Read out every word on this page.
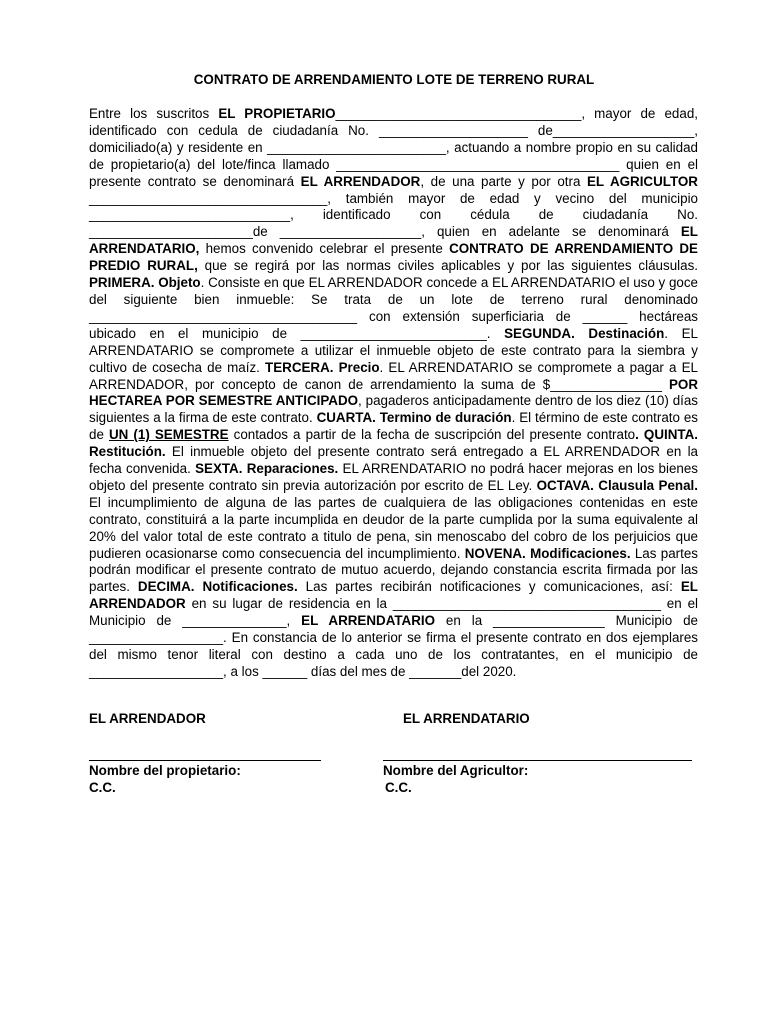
CONTRATO DE ARRENDAMIENTO LOTE DE TERRENO RURAL

Entre los suscritos EL PROPIETARIO_________________________________, mayor de edad, identificado con cedula de ciudadanía No. ____________________ de___________________, domiciliado(a) y residente en ________________________, actuando a nombre propio en su calidad de propietario(a) del lote/finca llamado ______________________________________ quien en el presente contrato se denominará EL ARRENDADOR, de una parte y por otra EL AGRICULTOR ________________________________, también mayor de edad y vecino del municipio ___________________________, identificado con cédula de ciudadanía No. ______________________de ___________________, quien en adelante se denominará EL ARRENDATARIO, hemos convenido celebrar el presente CONTRATO DE ARRENDAMIENTO DE PREDIO RURAL, que se regirá por las normas civiles aplicables y por las siguientes cláusulas. PRIMERA. Objeto. Consiste en que EL ARRENDADOR concede a EL ARRENDATARIO el uso y goce del siguiente bien inmueble: Se trata de un lote de terreno rural denominado ____________________________________ con extensión superficiaria de ______ hectáreas ubicado en el municipio de _________________________. SEGUNDA. Destinación. EL ARRENDATARIO se compromete a utilizar el inmueble objeto de este contrato para la siembra y cultivo de cosecha de maíz. TERCERA. Precio. EL ARRENDATARIO se compromete a pagar a EL ARRENDADOR, por concepto de canon de arrendamiento la suma de $_______________ POR HECTAREA POR SEMESTRE ANTICIPADO, pagaderos anticipadamente dentro de los diez (10) días siguientes a la firma de este contrato. CUARTA. Termino de duración. El término de este contrato es de UN (1) SEMESTRE contados a partir de la fecha de suscripción del presente contrato. QUINTA. Restitución. El inmueble objeto del presente contrato será entregado a EL ARRENDADOR en la fecha convenida. SEXTA. Reparaciones. EL ARRENDATARIO no podrá hacer mejoras en los bienes objeto del presente contrato sin previa autorización por escrito de EL Ley. OCTAVA. Clausula Penal. El incumplimiento de alguna de las partes de cualquiera de las obligaciones contenidas en este contrato, constituirá a la parte incumplida en deudor de la parte cumplida por la suma equivalente al 20% del valor total de este contrato a titulo de pena, sin menoscabo del cobro de los perjuicios que pudieren ocasionarse como consecuencia del incumplimiento. NOVENA. Modificaciones. Las partes podrán modificar el presente contrato de mutuo acuerdo, dejando constancia escrita firmada por las partes. DECIMA. Notificaciones. Las partes recibirán notificaciones y comunicaciones, así: EL ARRENDADOR en su lugar de residencia en la ____________________________________ en el Municipio de ______________, EL ARRENDATARIO en la _______________ Municipio de __________________. En constancia de lo anterior se firma el presente contrato en dos ejemplares del mismo tenor literal con destino a cada uno de los contratantes, en el municipio de __________________, a los ______ días del mes de _______del 2020.

EL ARRENDADOR	EL ARRENDATARIO
Nombre del propietario:
C.C.
Nombre del Agricultor:
C.C.
